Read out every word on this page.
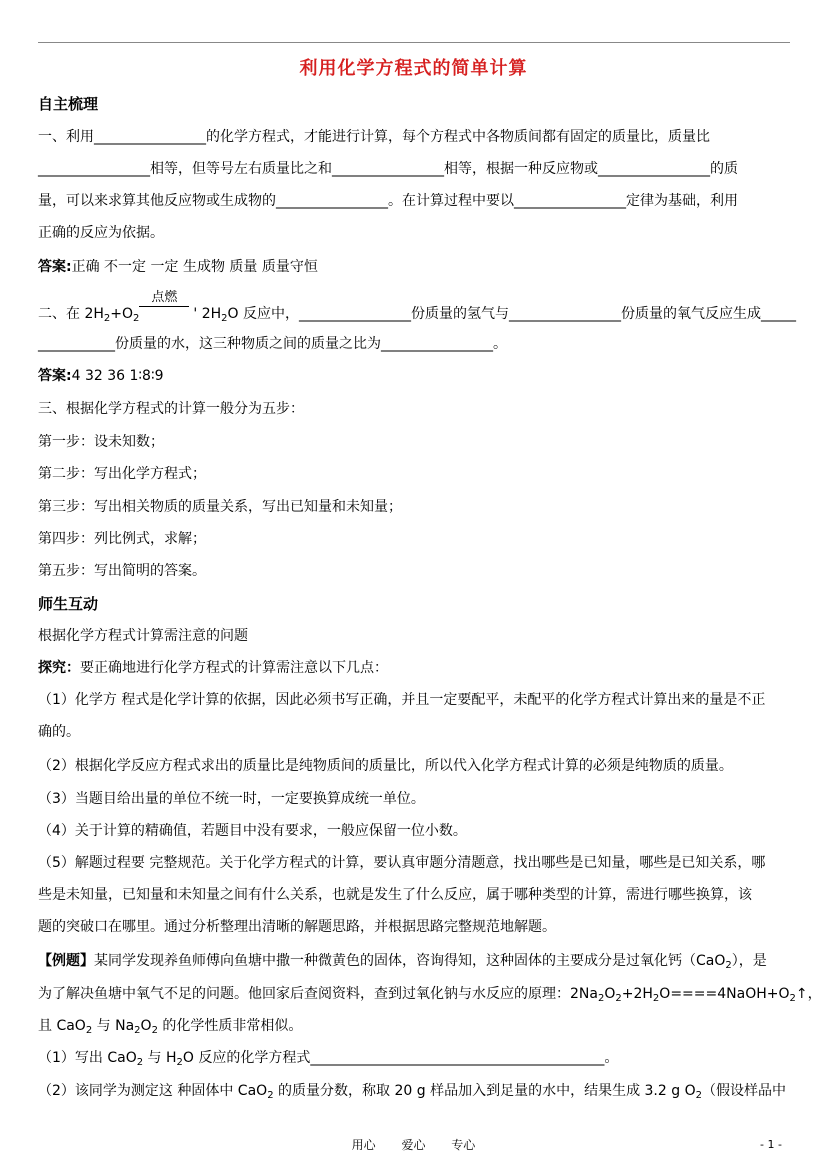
利用化学方程式的简单计算
自主梳理
一、利用________________的化学方程式，才能进行计算，每个方程式中各物质间都有固定的质量比，质量比
________________相等，但等号左右质量比之和________________相等，根据一种反应物或________________的质
量，可以来求算其他反应物或生成物的________________。在计算过程中要以________________定律为基础，利用
正确的反应为依据。
答案:正确 不一定 一定 生成物 质量 质量守恒
二、在 $2H_2+O_2$
点燃
' $2H_2O$ 反应中，________________份质量的氢气与________________份质量的氧气反应生成_____
___________份质量的水，这三种物质之间的质量之比为________________。
答案:4 32 36 1∶8∶9
三、根据化学方程式的计算一般分为五步：
第一步：设未知数；
第二步：写出化学方程式；
第三步：写出相关物质的质量关系，写出已知量和未知量；
第四步：列比例式，求解；
第五步：写出简明的答案。
师生互动
根据化学方程式计算需注意的问题
探究：要正确地进行化学方程式的计算需注意以下几点：
（1）化学方 程式是化学计算的依据，因此必须书写正确，并且一定要配平，未配平的化学方程式计算出来的量是不正
确的。
（2）根据化学反应方程式求出的质量比是纯物质间的质量比，所以代入化学方程式计算的必须是纯物质的质量。
（3）当题目给出量的单位不统一时，一定要换算成统一单位。
（4）关于计算的精确值，若题目中没有要求，一般应保留一位小数。
（5）解题过程要 完整规范。关于化学方程式的计算，要认真审题分清题意，找出哪些是已知量，哪些是已知关系，哪
些是未知量，已知量和未知量之间有什么关系，也就是发生了什么反应，属于哪种类型的计算，需进行哪些换算，该
题的突破口在哪里。通过分析整理出清晰的解题思路，并根据思路完整规范地解题。
【例题】某同学发现养鱼师傅向鱼塘中撒一种微黄色的固体，咨询得知，这种固体的主要成分是过氧化钙（CaO$_2$），是
为了解决鱼塘中氧气不足的问题。他回家后查阅资料，查到过氧化钠与水反应的原理：$2Na_2O_2+2H_2O====4NaOH+O_2↑$，
且 CaO$_2$ 与 $Na_2O_2$ 的化学性质非常相似。
（1）写出 CaO$_2$ 与 $H_2O$ 反应的化学方程式__________________________________________。
（2）该同学为测定这 种固体中 CaO$_2$ 的质量分数，称取 20 g 样品加入到足量的水中，结果生成 3.2 g $O_2$（假设样品中
用心 爱心 专心	- 1 -
